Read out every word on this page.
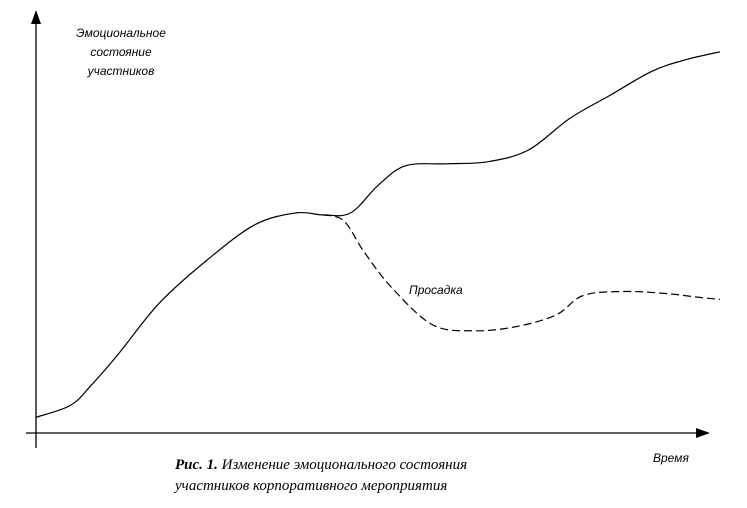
Эмоциональное
состояние
участников
Просадка
Время
Рис. 1. Изменение эмоционального состояния
участников корпоративного мероприятия
